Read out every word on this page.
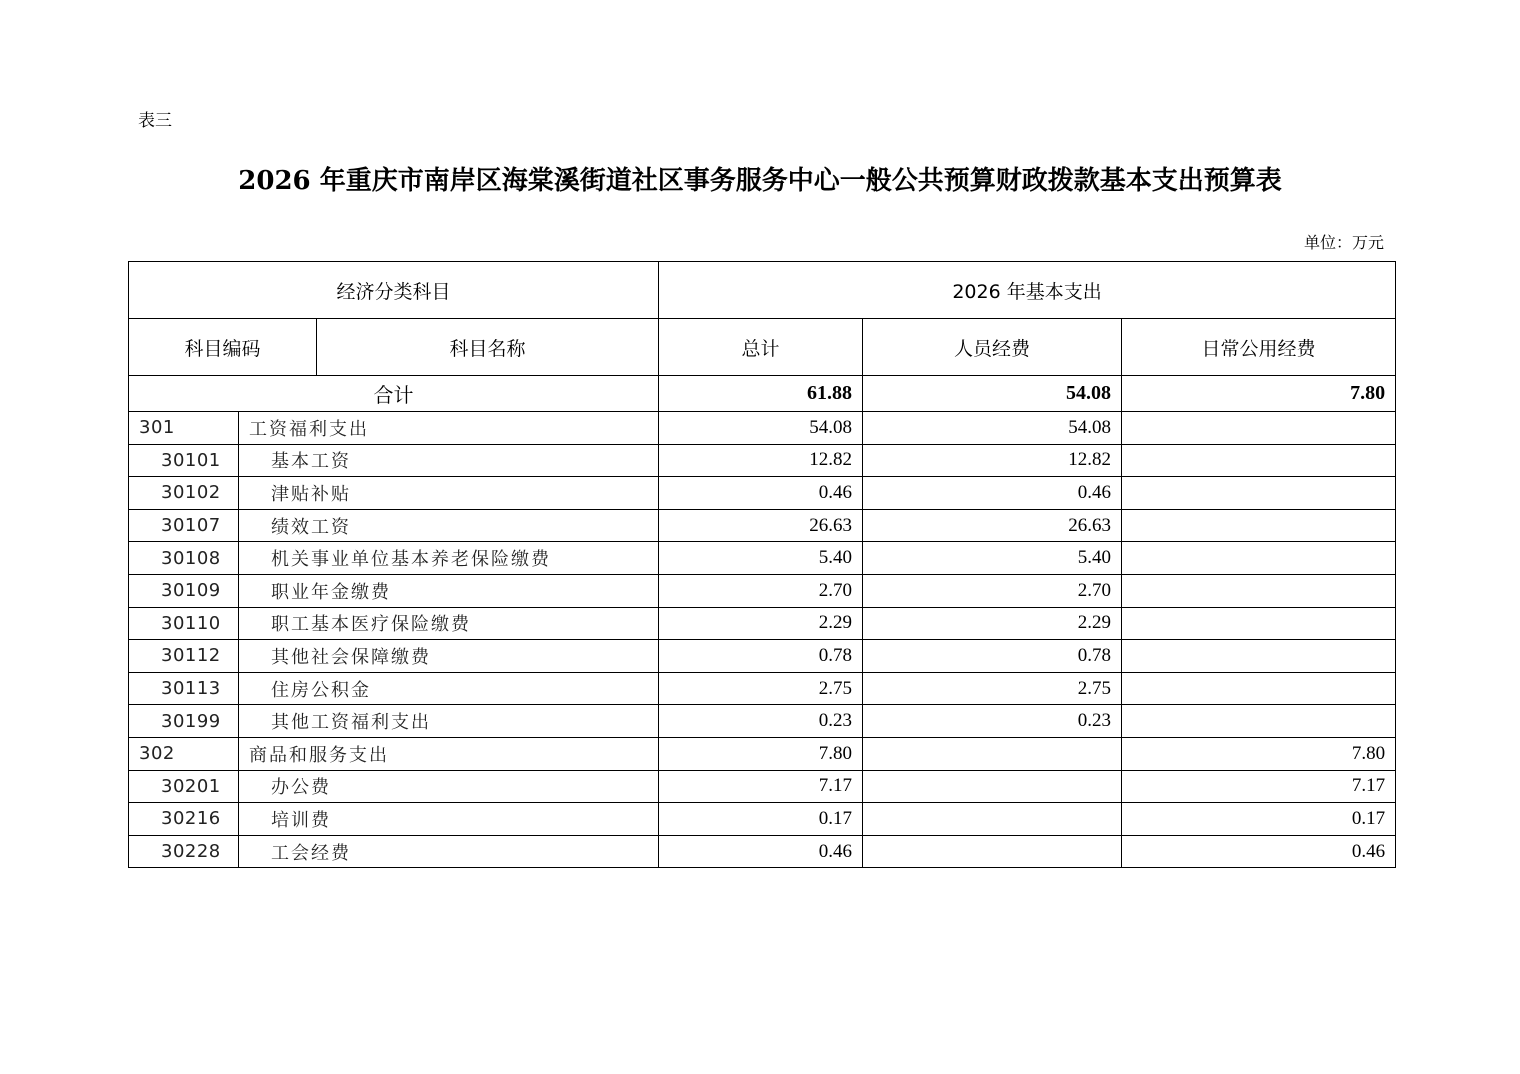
表三
2026 年重庆市南岸区海棠溪街道社区事务服务中心一般公共预算财政拨款基本支出预算表
单位：万元
经济分类科目			2026 年基本支出		
科目编码		科目名称	总计	人员经费	日常公用经费
合计			61.88	54.08	7.80
301	工资福利支出		54.08	54.08	
30101	基本工资		12.82	12.82	
30102	津贴补贴		0.46	0.46	
30107	绩效工资		26.63	26.63	
30108	机关事业单位基本养老保险缴费		5.40	5.40	
30109	职业年金缴费		2.70	2.70	
30110	职工基本医疗保险缴费		2.29	2.29	
30112	其他社会保障缴费		0.78	0.78	
30113	住房公积金		2.75	2.75	
30199	其他工资福利支出		0.23	0.23	
302	商品和服务支出		7.80		7.80
30201	办公费		7.17		7.17
30216	培训费		0.17		0.17
30228	工会经费		0.46		0.46
